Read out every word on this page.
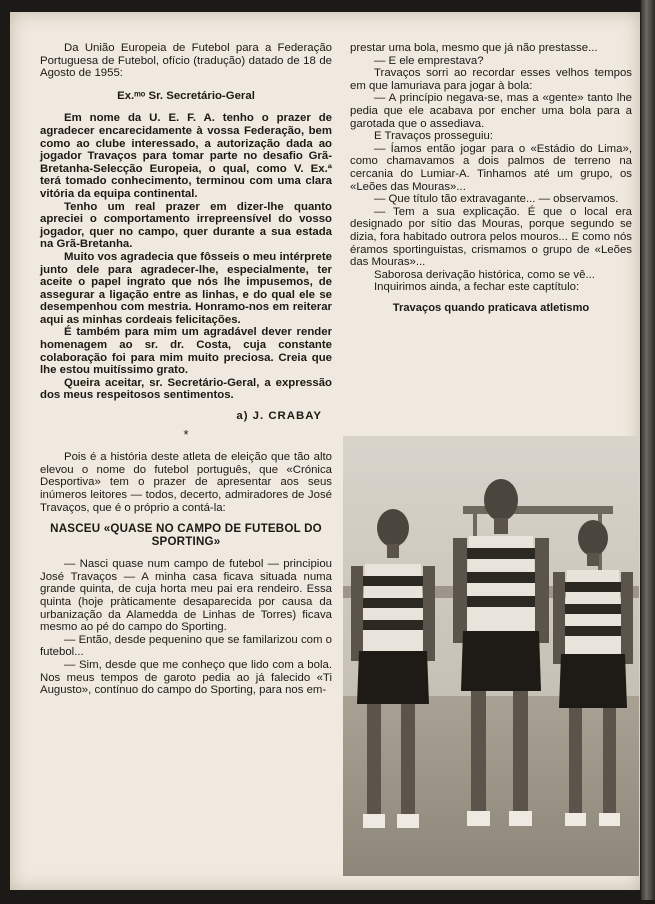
Da União Europeia de Futebol para a Federação Portuguesa de Futebol, ofício (tradução) datado de 18 de Agosto de 1955:

Ex.ᵐᵒ Sr. Secretário-Geral

Em nome da U. E. F. A. tenho o prazer de agradecer encarecidamente à vossa Federação, bem como ao clube interessado, a autorização dada ao jogador Travaços para tomar parte no desafio Grã-Bretanha-Selecção Europeia, o qual, como V. Ex.ª terá tomado conhecimento, terminou com uma clara vitória da equipa continental.

Tenho um real prazer em dizer-lhe quanto apreciei o comportamento irrepreensível do vosso jogador, quer no campo, quer durante a sua estada na Grã-Bretanha.

Muito vos agradecia que fôsseis o meu intérprete junto dele para agradecer-lhe, especialmente, ter aceite o papel ingrato que nós lhe impusemos, de assegurar a ligação entre as linhas, e do qual ele se desempenhou com mestria. Honramo-nos em reiterar aqui as minhas cordeais felicitações.

É também para mim um agradável dever render homenagem ao sr. dr. Costa, cuja constante colaboração foi para mim muito preciosa. Creia que lhe estou muitíssimo grato.

Queira aceitar, sr. Secretário-Geral, a expressão dos meus respeitosos sentimentos.

a) J. CRABAY

*

Pois é a história deste atleta de eleição que tão alto elevou o nome do futebol português, que «Crónica Desportiva» tem o prazer de apresentar aos seus inúmeros leitores — todos, decerto, admiradores de José Travaços, que é o próprio a contá-la:

NASCEU «QUASE NO CAMPO DE FUTEBOL DO SPORTING»

— Nasci quase num campo de futebol — principiou José Travaços — A minha casa ficava situada numa grande quinta, de cuja horta meu pai era rendeiro. Essa quinta (hoje pràticamente desaparecida por causa da urbanização da Alamedda de Linhas de Torres) ficava mesmo ao pé do campo do Sporting.

— Então, desde pequenino que se familarizou com o futebol...

— Sim, desde que me conheço que lido com a bola. Nos meus tempos de garoto pedia ao já falecido «Ti Augusto», contínuo do campo do Sporting, para nos em-

prestar uma bola, mesmo que já não prestasse...

— E ele emprestava?

Travaços sorri ao recordar esses velhos tempos em que lamuriava para jogar à bola:

— A princípio negava-se, mas a «gente» tanto lhe pedia que ele acabava por encher uma bola para a garotada que o assediava.

E Travaços prosseguiu:

— Íamos então jogar para o «Estádio do Lima», como chamavamos a dois palmos de terreno na cercania do Lumiar-A. Tinhamos até um grupo, os «Leões das Mouras»...

— Que título tão extravagante... — observamos.

— Tem a sua explicação. É que o local era designado por sítio das Mouras, porque segundo se dizia, fora habitado outrora pelos mouros... E como nós éramos sportinguistas, crismamos o grupo de «Leões das Mouras»...

Saborosa derivação histórica, como se vê...

Inquirimos ainda, a fechar este captítulo:

Travaços quando praticava atletismo

23
